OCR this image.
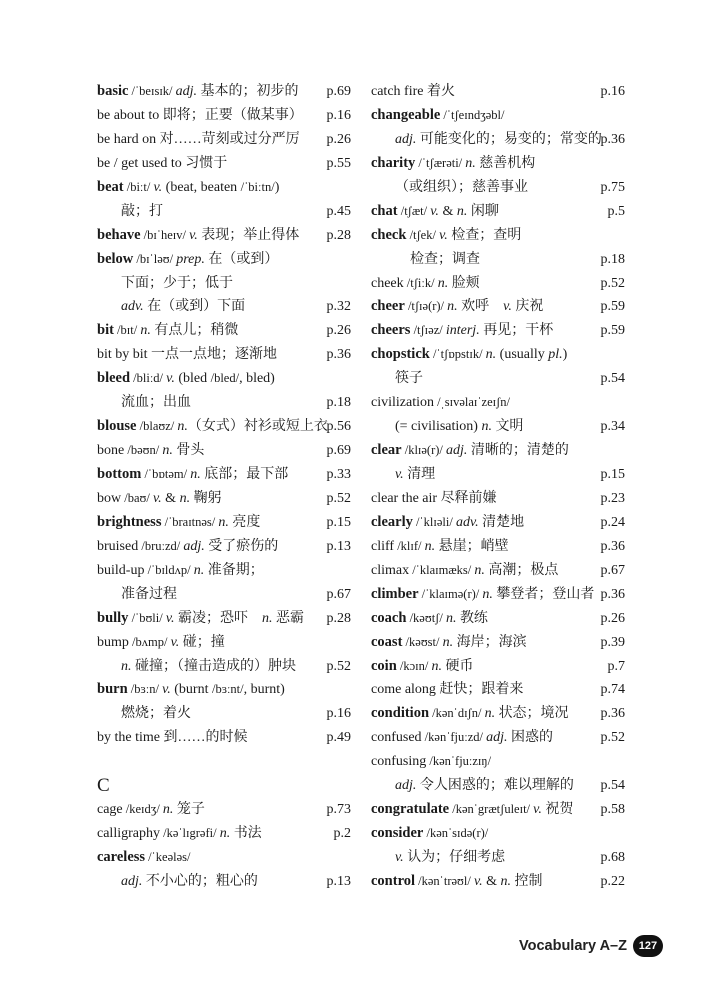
basic /ˈbeɪsɪk/ adj. 基本的；初步的 p.69
be about to 即将；正要（做某事） p.16
be hard on 对……苛刻或过分严厉 p.26
be / get used to 习惯于	p.55
beat /biːt/ v. (beat, beaten /ˈbiːtn/)
敲；打	p.45
behave /bɪˈheɪv/ v. 表现；举止得体 p.28
below /bɪˈləʊ/ prep. 在（或到）
下面；少于；低于
adv. 在（或到）下面	p.32
bit /bɪt/ n. 有点儿；稍微	p.26
bit by bit 一点一点地；逐渐地	p.36
bleed /bliːd/ v. (bled /bled/, bled)
流血；出血	p.18
blouse /blaʊz/ n.（女式）衬衫或短上衣
p.56
bone /bəʊn/ n. 骨头	p.69
bottom /ˈbɒtəm/ n. 底部；最下部	p.33
bow /baʊ/ v. & n. 鞠躬	p.52
brightness /ˈbraɪtnəs/ n. 亮度	p.15
bruised /bruːzd/ adj. 受了瘀伤的	p.13
build-up /ˈbɪldʌp/ n. 准备期；
准备过程	p.67
bully /ˈbʊli/ v. 霸凌；恐吓　n. 恶霸 p.28
bump /bʌmp/ v. 碰；撞
n. 碰撞；（撞击造成的）肿块 p.52
burn /bɜːn/ v. (burnt /bɜːnt/, burnt)
燃烧；着火	p.16
by the time 到……的时候	p.49
C
cage /keɪdʒ/ n. 笼子	p.73
calligraphy /kəˈlɪgrəfi/ n. 书法	p.2
careless /ˈkeələs/
adj. 不小心的；粗心的	p.13
catch fire 着火	p.16
changeable /ˈtʃeɪndʒəbl/
adj. 可能变化的；易变的；常变的
p.36
charity /ˈtʃærəti/ n. 慈善机构
（或组织）；慈善事业	p.75
chat /tʃæt/ v. & n. 闲聊	p.5
check /tʃek/ v. 检查；查明
检查；调查	p.18
cheek /tʃiːk/ n. 脸颊	p.52
cheer /tʃɪə(r)/ n. 欢呼　v. 庆祝	p.59
cheers /tʃɪəz/ interj. 再见；干杯	p.59
chopstick /ˈtʃɒpstɪk/ n. (usually pl.)
筷子	p.54
civilization /ˌsɪvəlaɪˈzeɪʃn/
(= civilisation) n. 文明	p.34
clear /klɪə(r)/ adj. 清晰的；清楚的
v. 清理	p.15
clear the air 尽释前嫌	p.23
clearly /ˈklɪəli/ adv. 清楚地	p.24
cliff /klɪf/ n. 悬崖；峭壁	p.36
climax /ˈklaɪmæks/ n. 高潮；极点	p.67
climber /ˈklaɪmə(r)/ n. 攀登者；登山者 p.36
coach /kəʊtʃ/ n. 教练	p.26
coast /kəʊst/ n. 海岸；海滨	p.39
coin /kɔɪn/ n. 硬币	p.7
come along 赶快；跟着来	p.74
condition /kənˈdɪʃn/ n. 状态；境况 p.36
confused /kənˈfjuːzd/ adj. 困惑的	p.52
confusing /kənˈfjuːzɪŋ/
adj. 令人困惑的；难以理解的 p.54
congratulate /kənˈgrætʃuleɪt/ v. 祝贺 p.58
consider /kənˈsɪdə(r)/
v. 认为；仔细考虑	p.68
control /kənˈtrəʊl/ v. & n. 控制	p.22
Vocabulary A–Z	127
